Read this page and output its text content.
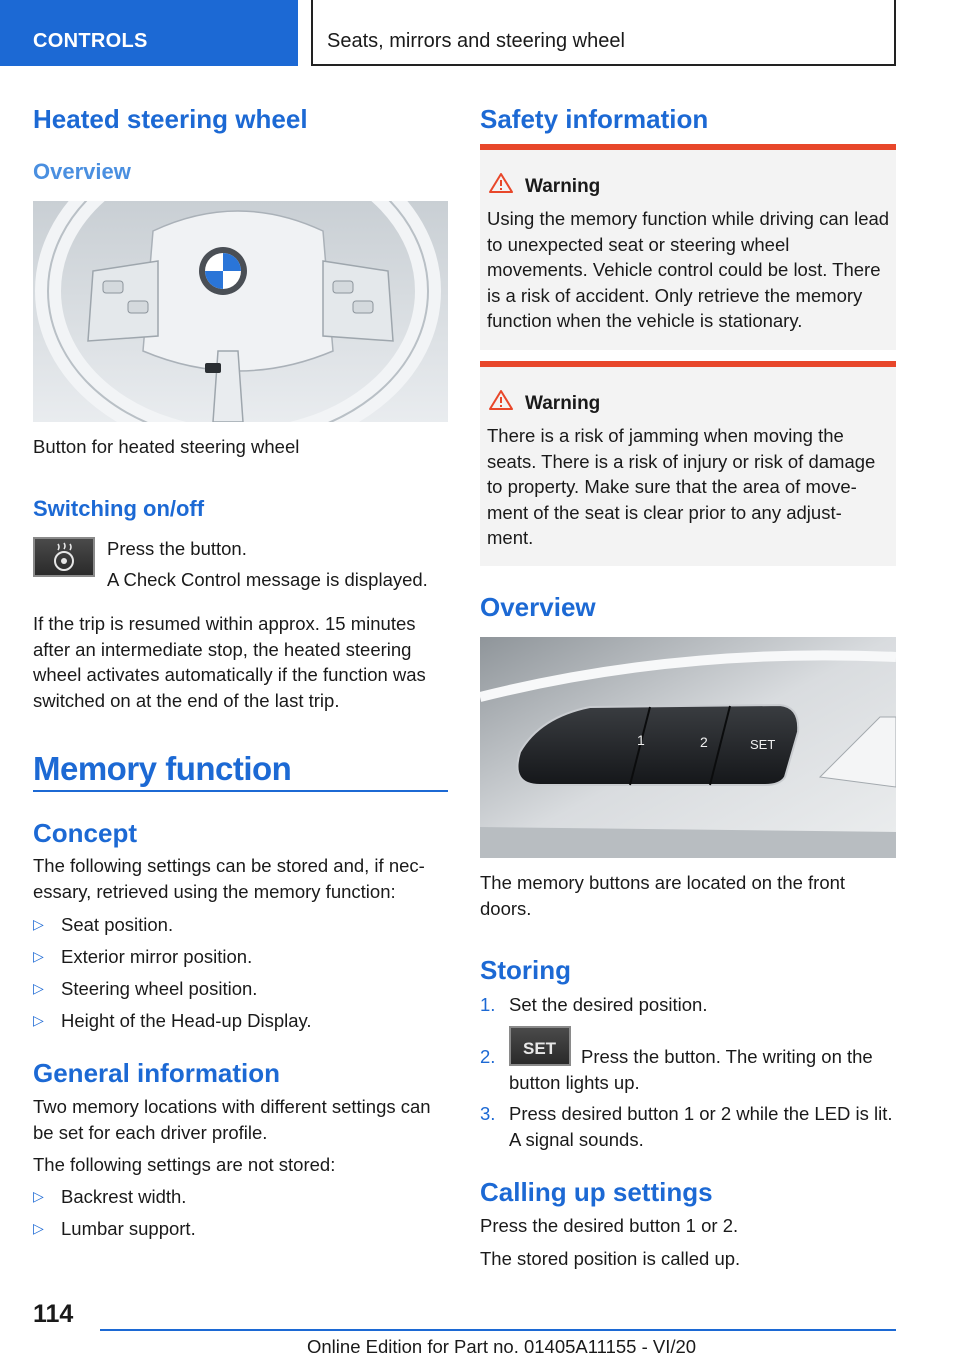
CONTROLS	Seats, mirrors and steering wheel
Heated steering wheel
Overview
Button for heated steering wheel
Switching on/off
Press the button.
A Check Control message is displayed.
If the trip is resumed within approx. 15 minutes after an intermediate stop, the heated steering wheel activates automatically if the function was switched on at the end of the last trip.
Memory function
Concept
The following settings can be stored and, if nec‐ essary, retrieved using the memory function:
▷ Seat position.
▷ Exterior mirror position.
▷ Steering wheel position.
▷ Height of the Head-up Display.
General information
Two memory locations with different settings can be set for each driver profile.
The following settings are not stored:
▷ Backrest width.
▷ Lumbar support.
Safety information
Warning
Using the memory function while driving can lead to unexpected seat or steering wheel movements. Vehicle control could be lost. There is a risk of accident. Only retrieve the memory function when the vehicle is stationary.
Warning
There is a risk of jamming when moving the seats. There is a risk of injury or risk of damage to property. Make sure that the area of move‐ ment of the seat is clear prior to any adjust‐ ment.
Overview
1	2	SET
The memory buttons are located on the front doors.
Storing
1. Set the desired position.
2. SET	Press the button. The writing on the button lights up.
3. Press desired button 1 or 2 while the LED is lit. A signal sounds.
Calling up settings
Press the desired button 1 or 2.
The stored position is called up.
114
Online Edition for Part no. 01405A11155 - VI/20
